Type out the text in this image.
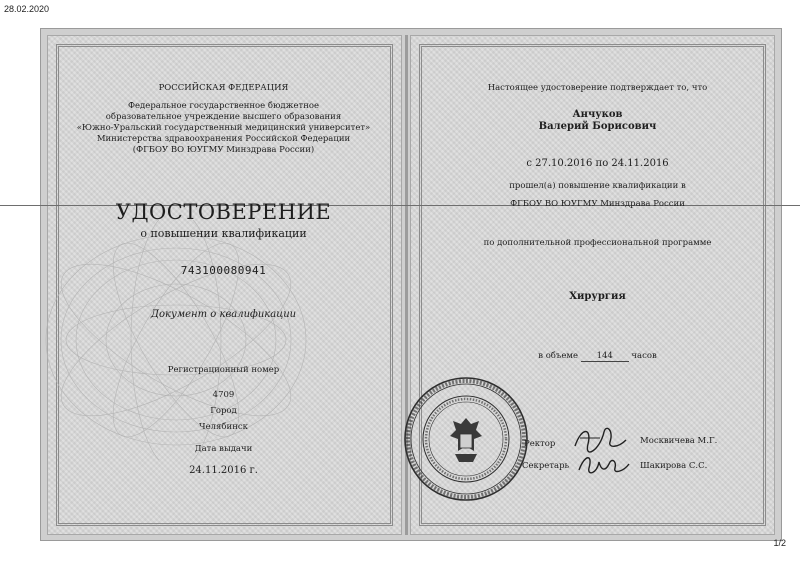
28.02.2020
РОССИЙСКАЯ ФЕДЕРАЦИЯ
Федеральное государственное бюджетное
образовательное учреждение высшего образования
«Южно-Уральский государственный медицинский университет»
Министерства здравоохранения Российской Федерации
(ФГБОУ ВО ЮУГМУ Минздрава России)
УДОСТОВЕРЕНИЕ
о повышении квалификации
743100080941
Документ о квалификации
Регистрационный номер
4709
Город
Челябинск
Дата выдачи
24.11.2016 г.
Настоящее удостоверение подтверждает то, что
Анчуков
Валерий Борисович
с 27.10.2016 по 24.11.2016
прошел(а) повышение квалификации в
ФГБОУ ВО ЮУГМУ Минздрава России
по дополнительной профессиональной программе
Хирургия
в объеме 144 часов
Ректор	Москвичева М.Г.
Секретарь	Шакирова С.С.
1/2
